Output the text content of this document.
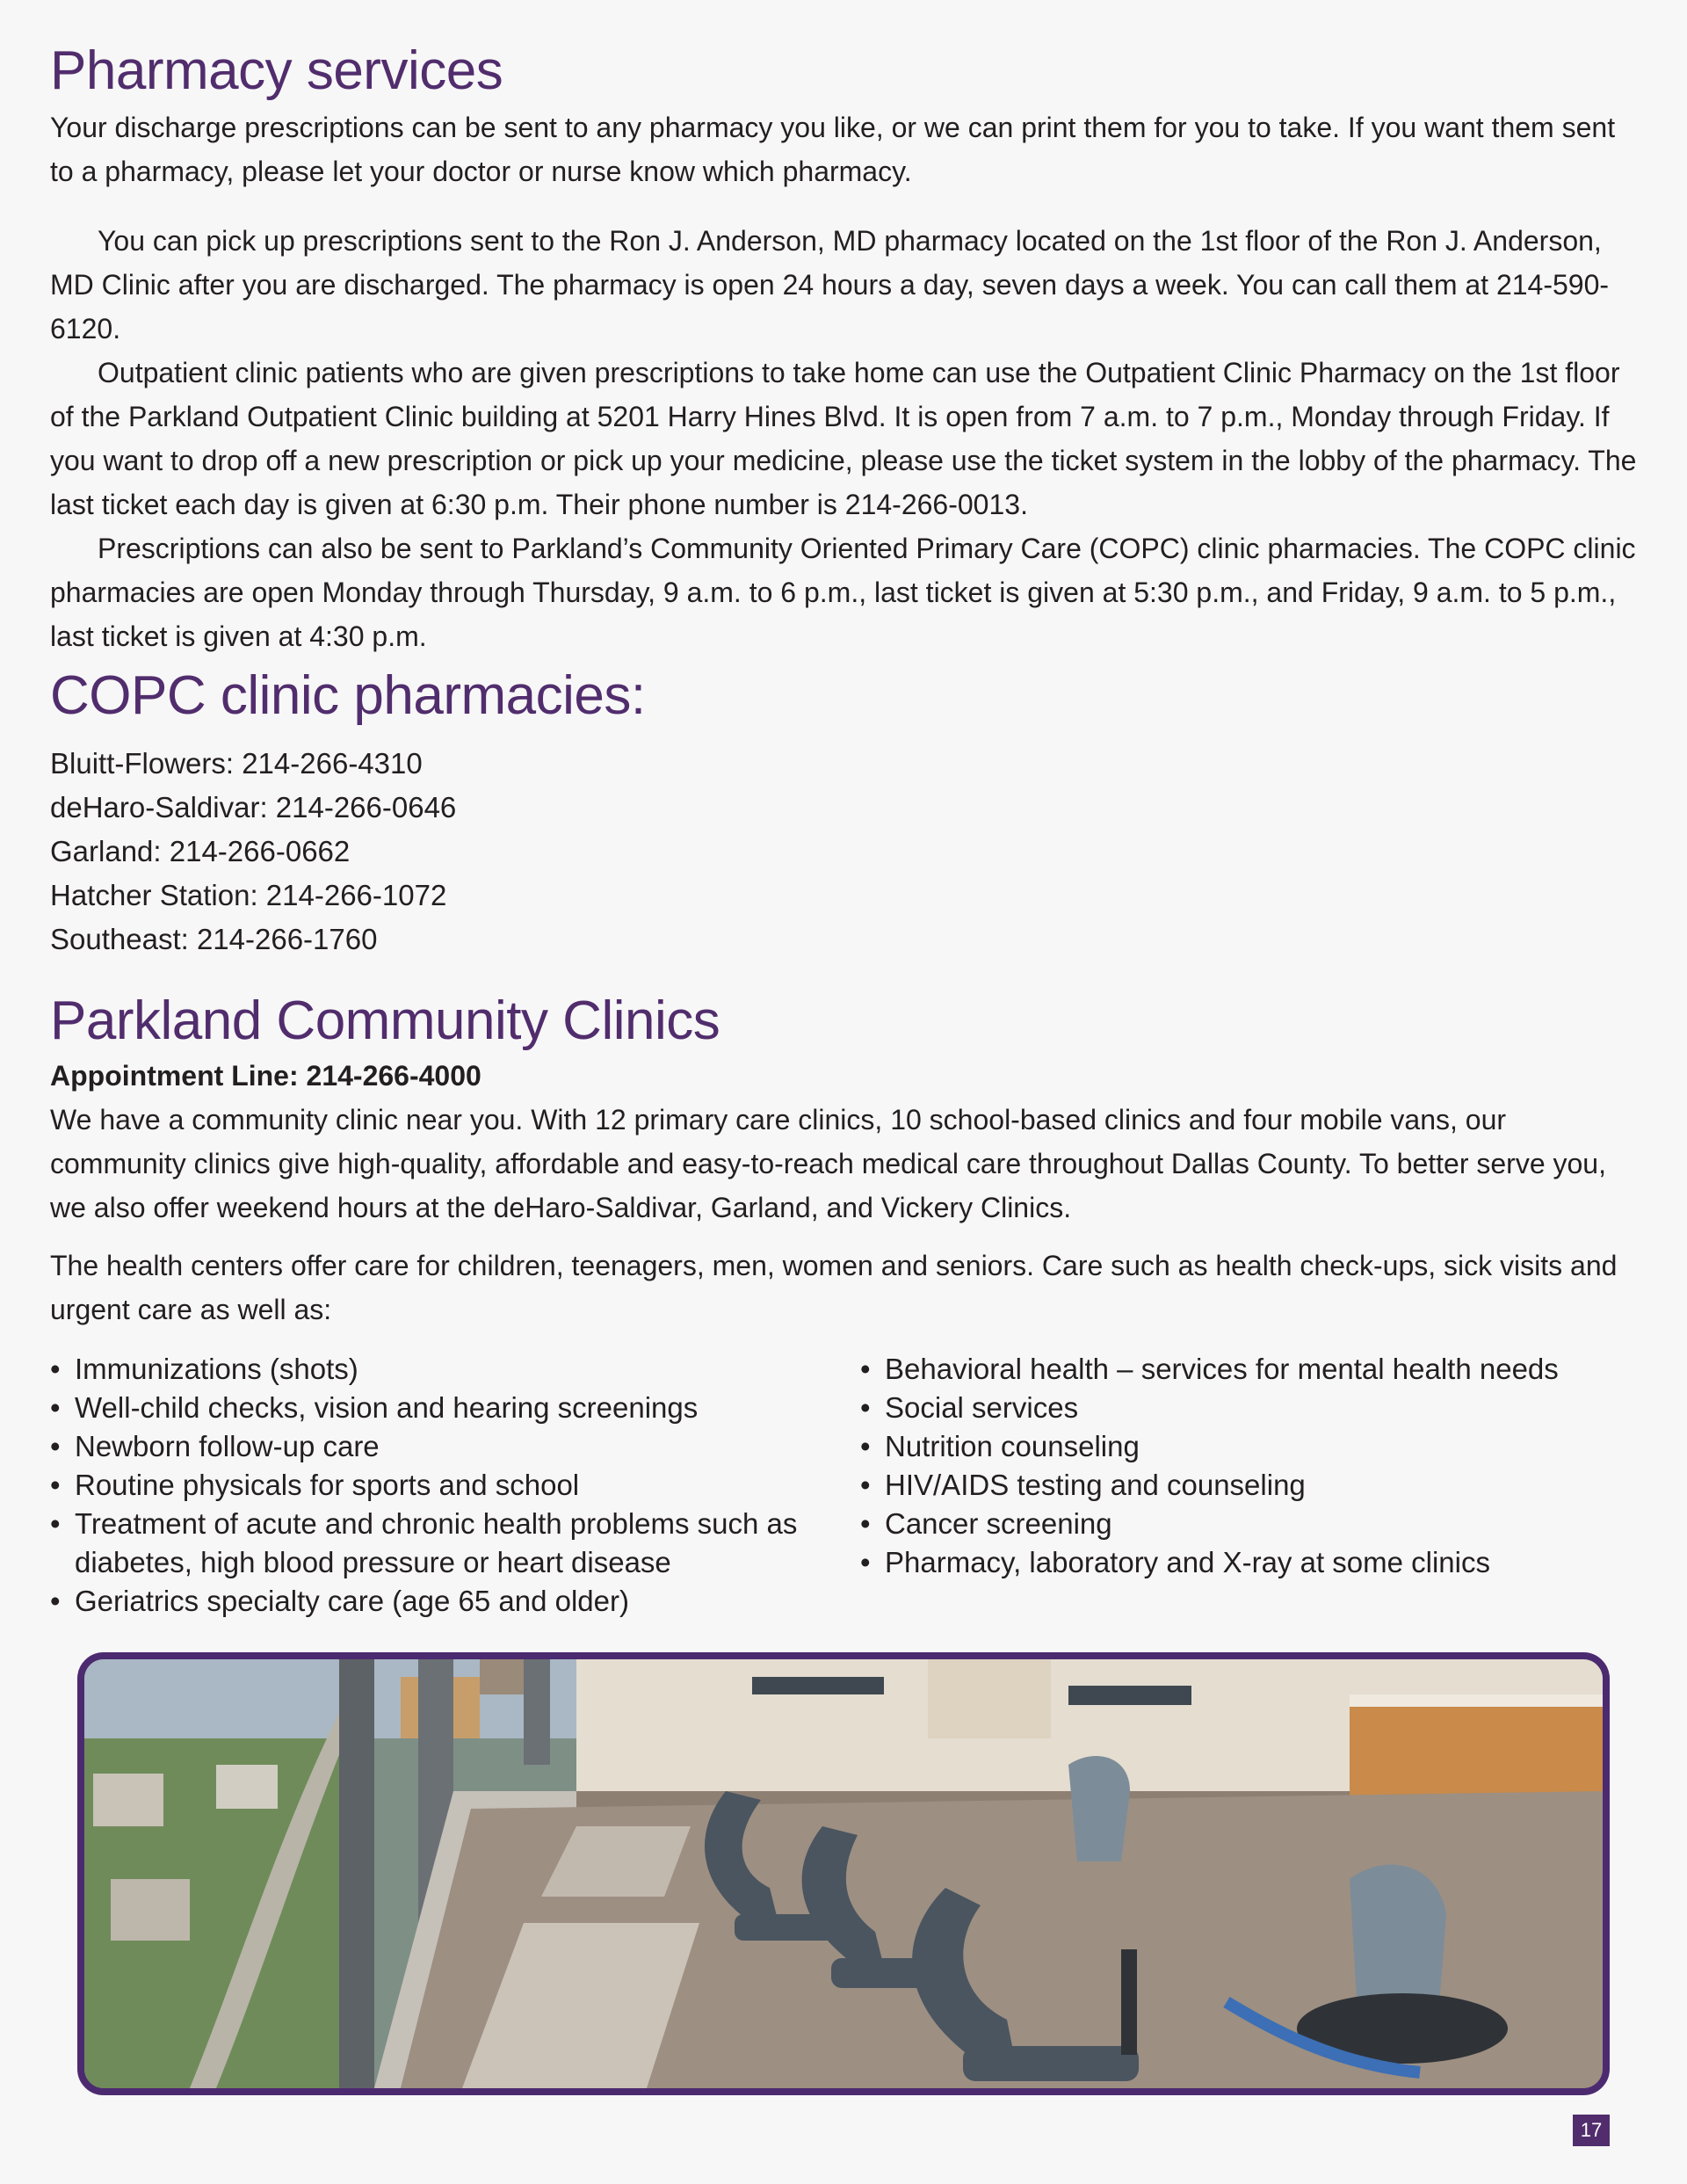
Pharmacy services

Your discharge prescriptions can be sent to any pharmacy you like, or we can print them for you to take. If you want them sent to a pharmacy, please let your doctor or nurse know which pharmacy.

You can pick up prescriptions sent to the Ron J. Anderson, MD pharmacy located on the 1st floor of the Ron J. Anderson, MD Clinic after you are discharged. The pharmacy is open 24 hours a day, seven days a week. You can call them at 214-590-6120.

Outpatient clinic patients who are given prescriptions to take home can use the Outpatient Clinic Pharmacy on the 1st floor of the Parkland Outpatient Clinic building at 5201 Harry Hines Blvd. It is open from 7 a.m. to 7 p.m., Monday through Friday. If you want to drop off a new prescription or pick up your medicine, please use the ticket system in the lobby of the pharmacy. The last ticket each day is given at 6:30 p.m. Their phone number is 214-266-0013.

Prescriptions can also be sent to Parkland’s Community Oriented Primary Care (COPC) clinic pharmacies. The COPC clinic pharmacies are open Monday through Thursday, 9 a.m. to 6 p.m., last ticket is given at 5:30 p.m., and Friday, 9 a.m. to 5 p.m., last ticket is given at 4:30 p.m.

COPC clinic pharmacies:
Bluitt-Flowers: 214-266-4310
deHaro-Saldivar: 214-266-0646
Garland: 214-266-0662
Hatcher Station: 214-266-1072
Southeast: 214-266-1760
Parkland Community Clinics
Appointment Line: 214-266-4000

We have a community clinic near you. With 12 primary care clinics, 10 school-based clinics and four mobile vans, our community clinics give high-quality, affordable and easy-to-reach medical care throughout Dallas County. To better serve you, we also offer weekend hours at the deHaro-Saldivar, Garland, and Vickery Clinics.

The health centers offer care for children, teenagers, men, women and seniors. Care such as health check-ups, sick visits and urgent care as well as:

• Immunizations (shots)
• Well-child checks, vision and hearing screenings
• Newborn follow-up care
• Routine physicals for sports and school
• Treatment of acute and chronic health problems such as diabetes, high blood pressure or heart disease
• Geriatrics specialty care (age 65 and older)
• Behavioral health – services for mental health needs
• Social services
• Nutrition counseling
• HIV/AIDS testing and counseling
• Cancer screening
• Pharmacy, laboratory and X-ray at some clinics
17
